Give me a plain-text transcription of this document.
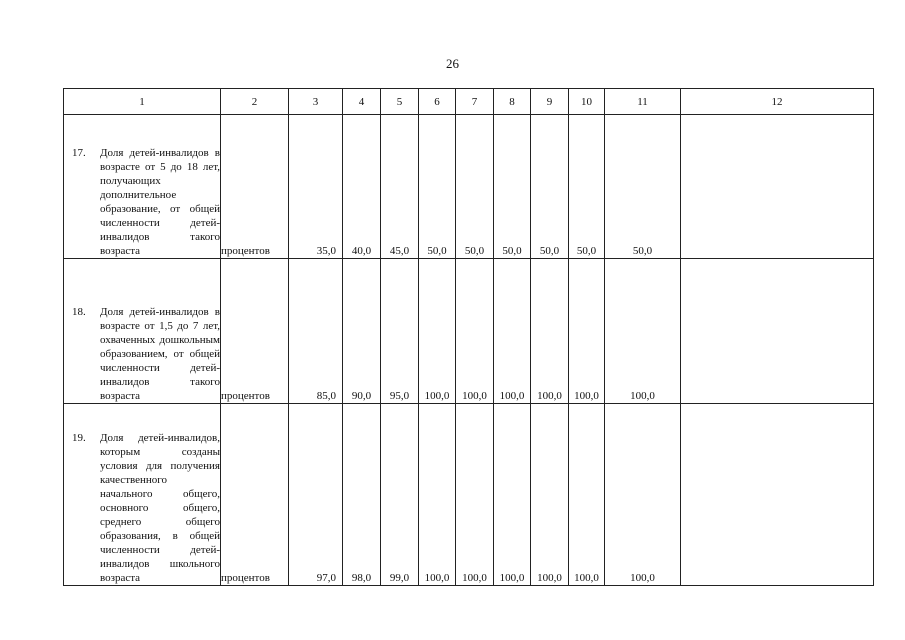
26
1	2	3	4	5	6	7	8	9	10	11	12

17. Доля детей-инвалидов в возрасте от 5 до 18 лет, получающих дополнительное образование, от общей численности детей-инвалидов такого возраста	процентов	35,0	40,0	45,0	50,0	50,0	50,0	50,0	50,0	50,0	

18. Доля детей-инвалидов в возрасте от 1,5 до 7 лет, охваченных дошкольным образованием, от общей численности детей-инвалидов такого возраста	процентов	85,0	90,0	95,0	100,0	100,0	100,0	100,0	100,0	100,0	

19. Доля детей-инвалидов, которым созданы условия для получения качественного начального общего, основного общего, среднего общего образования, в общей численности детей-инвалидов школьного возраста	процентов	97,0	98,0	99,0	100,0	100,0	100,0	100,0	100,0	100,0	
